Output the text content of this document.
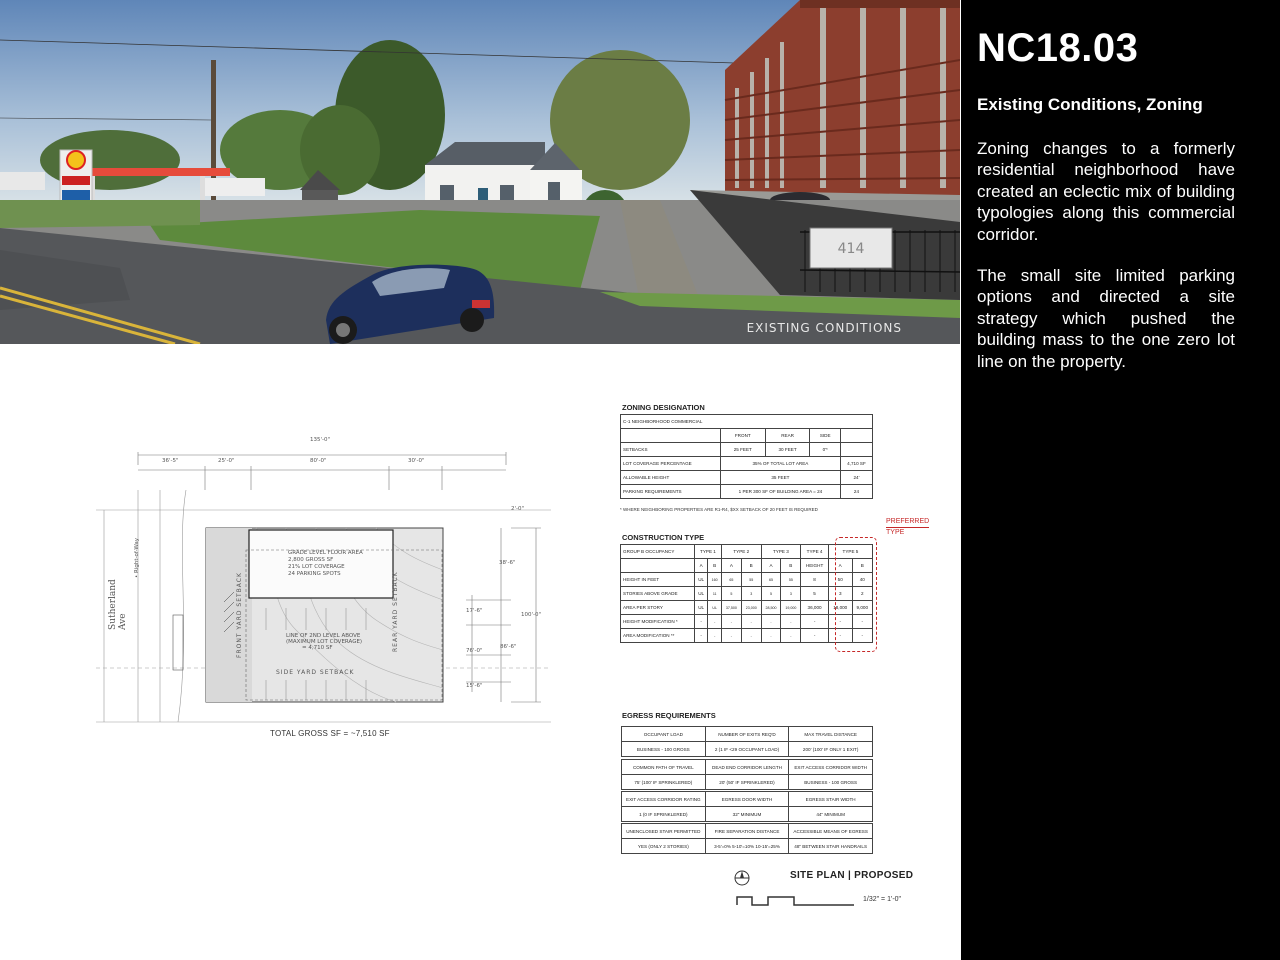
414
EXISTING CONDITIONS
NC18.03
Existing Conditions, Zoning

Zoning changes to a formerly residential neighborhood have created an eclectic mix of building typologies along this commercial corridor.

The small site limited parking options and directed a site strategy which pushed the building mass to the one zero lot line on the property.

135'-0"
36'-5"	25'-0"	80'-0"	30'-0"
2'-0"
38'-6"
17'-6"
100'-0"
76'-0"
86'-6"
15'-6"
Sutherland Ave
• Right-of-Way	GRADE LEVEL FLOOR AREA
2,800 GROSS SF
21% LOT COVERAGE
24 PARKING SPOTS
FRONT YARD SETBACK	REAR YARD SETBACK
SIDE YARD SETBACK
LINE OF 2ND LEVEL ABOVE
(MAXIMUM LOT COVERAGE)
= 4,710 SF
TOTAL GROSS SF = ~7,510 SF
ZONING DESIGNATION
C-1 NEIGHBORHOOD COMMERCIAL				
	FRONT	REAR	SIDE	
SETBACKS	25 FEET	30 FEET	0'*	
LOT COVERAGE PERCENTAGE	35% OF TOTAL LOT AREA			4,710 SF
ALLOWABLE HEIGHT	35 FEET			24'
PARKING REQUIREMENTS	1 PER 300 SF OF BUILDING AREA = 24			24
* WHERE NEIGHBORING PROPERTIES ARE R1-R4, $XX SETBACK OF 20 FEET IS REQUIRED
CONSTRUCTION TYPE
PREFERRED
TYPE
GROUP B OCCUPANCY	TYPE 1		TYPE 2		TYPE 3		TYPE 4	TYPE 5	
	A	B	A	B	A	B	HEIGHT	A	B
HEIGHT IN FEET	UL	160	65	55	65	55	8	50	40
STORIES ABOVE GRADE	UL	11	5	3	5	3	5	3	2
AREA PER STORY	UL	UL	37,500	23,000	28,500	19,000	36,000	18,000	9,000
HEIGHT MODIFICATION *	-	-	-	-	-	-	-	-	-
AREA MODIFICATION **	-	-	-	-	-	-	-	-	-
EGRESS REQUIREMENTS
OCCUPANT LOAD	NUMBER OF EXITS REQ'D	MAX TRAVEL DISTANCE
BUSINESS - 100 GROSS	2 (1 IF <29 OCCUPANT LOAD)	200' (100' IF ONLY 1 EXIT)
COMMON PATH OF TRAVEL	DEAD END CORRIDOR LENGTH	EXIT ACCESS CORRIDOR WIDTH
75' (100' IF SPRINKLERED)	20' (50' IF SPRINKLERED)	BUSINESS - 100 GROSS
EXIT ACCESS CORRIDOR RATING	EGRESS DOOR WIDTH	EGRESS STAIR WIDTH
1 (0 IF SPRINKLERED)	32" MINIMUM	44" MINIMUM
UNENCLOSED STAIR PERMITTED	FIRE SEPARATION DISTANCE	ACCESSIBLE MEANS OF EGRESS
YES (ONLY 2 STORIES)	3-5'=0% 5-10'=10% 10-15'=25%	48" BETWEEN STAIR HANDRAILS
SITE PLAN | PROPOSED
1/32" = 1'-0"
